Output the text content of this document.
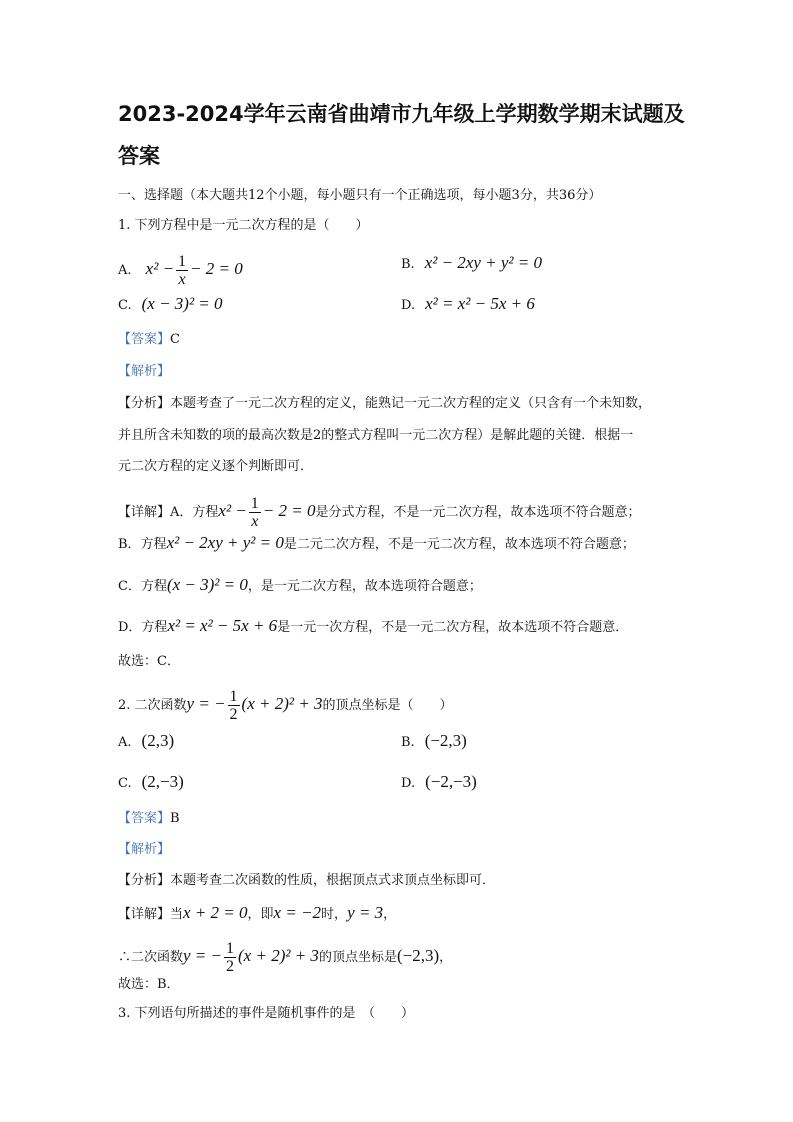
2023-2024学年云南省曲靖市九年级上学期数学期末试题及
答案
一、选择题（本大题共12个小题，每小题只有一个正确选项，每小题3分，共36分）
1. 下列方程中是一元二次方程的是（　　）
A. $x^2 - \frac{1}{x} - 2 = 0$	B. x² − 2xy + y² = 0
C. (x − 3)² = 0	D. x² = x² − 5x + 6
【答案】C
【解析】
【分析】本题考查了一元二次方程的定义，能熟记一元二次方程的定义（只含有一个未知数，
并且所含未知数的项的最高次数是2的整式方程叫一元二次方程）是解此题的关键．根据一
元二次方程的定义逐个判断即可．
【详解】A．方程$x^2 - \frac{1}{x} - 2 = 0$是分式方程，不是一元二次方程，故本选项不符合题意；
B．方程x² − 2xy + y² = 0是二元二次方程，不是一元二次方程，故本选项不符合题意；
C．方程(x − 3)² = 0，是一元二次方程，故本选项符合题意；
D．方程x² = x² − 5x + 6是一元一次方程，不是一元二次方程，故本选项不符合题意．
故选：C．
2. 二次函数y = − $\frac{1}{2} (x + 2)^2 + 3$的顶点坐标是（　　）
A. (2,3)	B. (−2,3)
C. (2,−3)	D. (−2,−3)
【答案】B
【解析】
【分析】本题考查二次函数的性质，根据顶点式求顶点坐标即可．
【详解】当x + 2 = 0，即x = −2时，y = 3，
∴二次函数y = − $\frac{1}{2} (x + 2)^2 + 3$的顶点坐标是(−2,3)，
故选：B．
3. 下列语句所描述的事件是随机事件的是　（　　）
